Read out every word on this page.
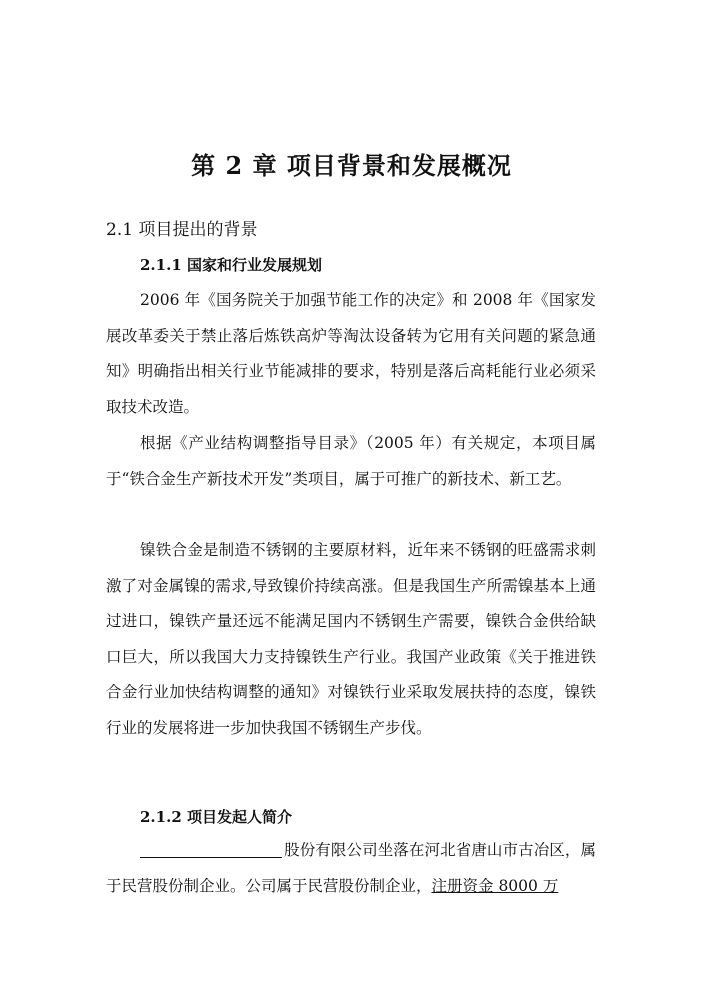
第 2 章 项目背景和发展概况
2.1 项目提出的背景
2.1.1 国家和行业发展规划

2006 年《国务院关于加强节能工作的决定》和 2008 年《国家发展改革委关于禁止落后炼铁高炉等淘汰设备转为它用有关问题的紧急通知》明确指出相关行业节能减排的要求，特别是落后高耗能行业必须采取技术改造。

根据《产业结构调整指导目录》（2005 年）有关规定，本项目属于“铁合金生产新技术开发”类项目，属于可推广的新技术、新工艺。

镍铁合金是制造不锈钢的主要原材料，近年来不锈钢的旺盛需求刺激了对金属镍的需求,导致镍价持续高涨。但是我国生产所需镍基本上通过进口，镍铁产量还远不能满足国内不锈钢生产需要，镍铁合金供给缺口巨大，所以我国大力支持镍铁生产行业。我国产业政策《关于推进铁合金行业加快结构调整的通知》对镍铁行业采取发展扶持的态度，镍铁行业的发展将进一步加快我国不锈钢生产步伐。

2.1.2 项目发起人简介

股份有限公司坐落在河北省唐山市古冶区，属于民营股份制企业。公司属于民营股份制企业，注册资金 8000 万
